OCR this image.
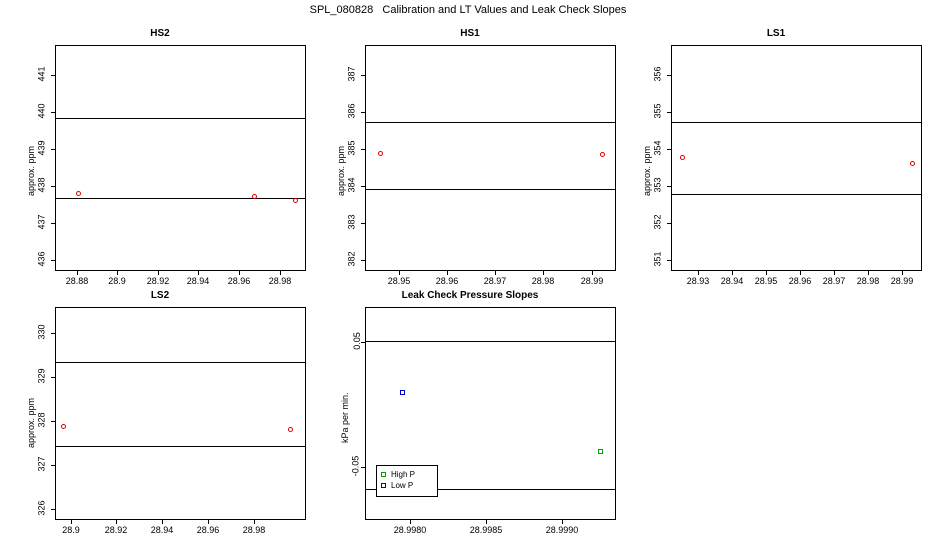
SPL_080828   Calibration and LT Values and Leak Check Slopes
HS2
approx. ppm
436
437
438
439
440
441
28.88	28.9	28.92	28.94	28.96	28.98
HS1
approx. ppm
382
383
384
385
386
387
28.95	28.96	28.97	28.98	28.99
LS1
approx. ppm
351
352
353
354
355
356
28.93	28.94	28.95	28.96	28.97	28.98	28.99
LS2
approx. ppm
326
327
328
329
330
28.9	28.92	28.94	28.96	28.98
Leak Check Pressure Slopes
kPa per min.
-0.05
0.05
High P
Low P
28.9980	28.9985	28.9990
